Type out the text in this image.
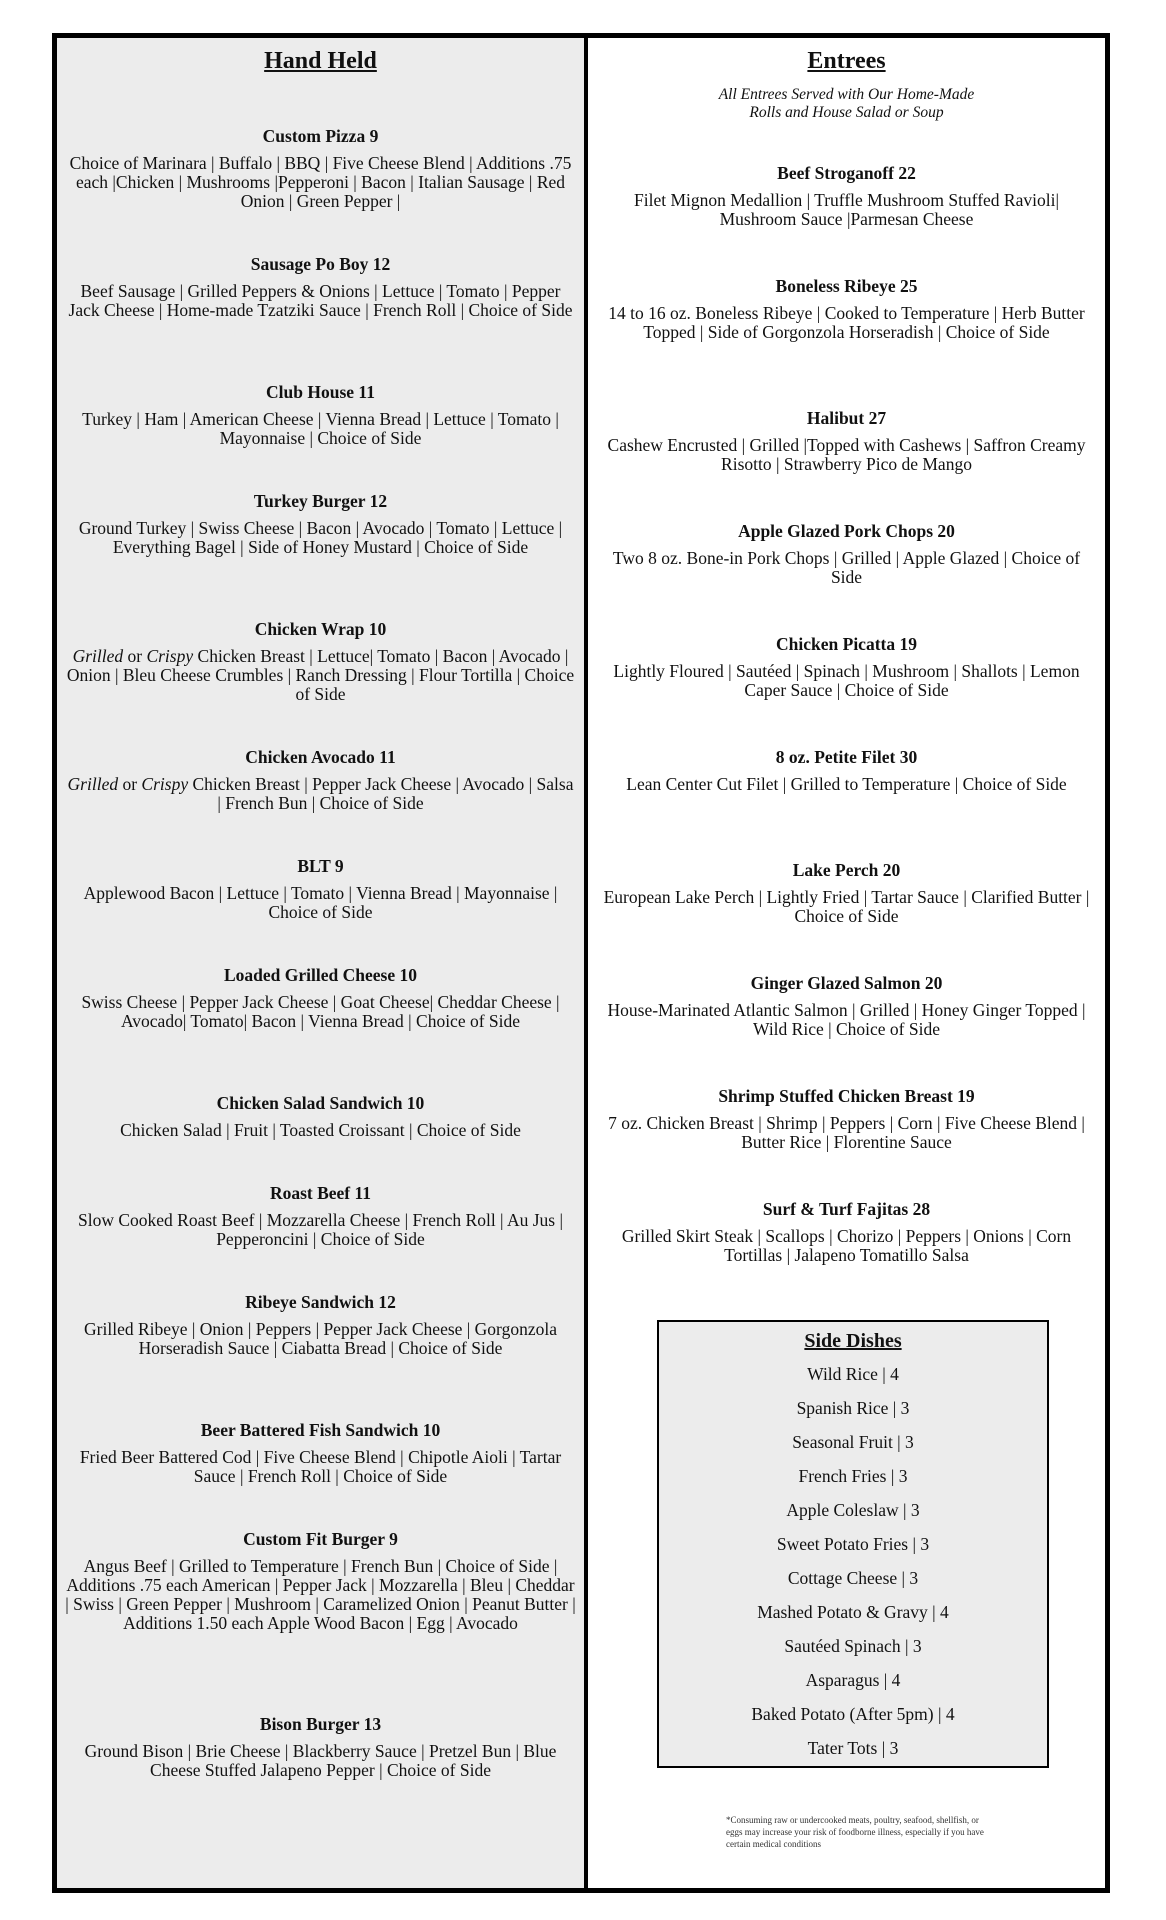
Hand Held
Custom Pizza 9
Choice of Marinara | Buffalo | BBQ | Five Cheese Blend | Additions .75 each |Chicken | Mushrooms |Pepperoni | Bacon | Italian Sausage | Red Onion | Green Pepper |
Sausage Po Boy 12
Beef Sausage | Grilled Peppers & Onions | Lettuce | Tomato | Pepper Jack Cheese | Home-made Tzatziki Sauce | French Roll | Choice of Side
Club House 11
Turkey | Ham | American Cheese | Vienna Bread | Lettuce | Tomato | Mayonnaise | Choice of Side
Turkey Burger 12
Ground Turkey | Swiss Cheese | Bacon | Avocado | Tomato | Lettuce | Everything Bagel | Side of Honey Mustard | Choice of Side
Chicken Wrap 10
Grilled or Crispy Chicken Breast | Lettuce| Tomato | Bacon | Avocado | Onion | Bleu Cheese Crumbles | Ranch Dressing | Flour Tortilla | Choice of Side
Chicken Avocado 11
Grilled or Crispy Chicken Breast | Pepper Jack Cheese | Avocado | Salsa | French Bun | Choice of Side
BLT 9
Applewood Bacon | Lettuce | Tomato | Vienna Bread | Mayonnaise | Choice of Side
Loaded Grilled Cheese 10
Swiss Cheese | Pepper Jack Cheese | Goat Cheese| Cheddar Cheese | Avocado| Tomato| Bacon | Vienna Bread | Choice of Side
Chicken Salad Sandwich 10
Chicken Salad | Fruit | Toasted Croissant | Choice of Side
Roast Beef 11
Slow Cooked Roast Beef | Mozzarella Cheese | French Roll | Au Jus | Pepperoncini | Choice of Side
Ribeye Sandwich 12
Grilled Ribeye | Onion | Peppers | Pepper Jack Cheese | Gorgonzola Horseradish Sauce | Ciabatta Bread | Choice of Side
Beer Battered Fish Sandwich 10
Fried Beer Battered Cod | Five Cheese Blend | Chipotle Aioli | Tartar Sauce | French Roll | Choice of Side
Custom Fit Burger 9
Angus Beef | Grilled to Temperature | French Bun | Choice of Side | Additions .75 each American | Pepper Jack | Mozzarella | Bleu | Cheddar | Swiss | Green Pepper | Mushroom | Caramelized Onion | Peanut Butter | Additions 1.50 each Apple Wood Bacon | Egg | Avocado
Bison Burger 13
Ground Bison | Brie Cheese | Blackberry Sauce | Pretzel Bun | Blue Cheese Stuffed Jalapeno Pepper | Choice of Side
Entrees
All Entrees Served with Our Home-Made
Rolls and House Salad or Soup
Beef Stroganoff 22
Filet Mignon Medallion | Truffle Mushroom Stuffed Ravioli| Mushroom Sauce |Parmesan Cheese
Boneless Ribeye 25
14 to 16 oz. Boneless Ribeye | Cooked to Temperature | Herb Butter Topped | Side of Gorgonzola Horseradish | Choice of Side
Halibut 27
Cashew Encrusted | Grilled |Topped with Cashews | Saffron Creamy Risotto | Strawberry Pico de Mango
Apple Glazed Pork Chops 20
Two 8 oz. Bone-in Pork Chops | Grilled | Apple Glazed | Choice of Side
Chicken Picatta 19
Lightly Floured | Sautéed | Spinach | Mushroom | Shallots | Lemon Caper Sauce | Choice of Side
8 oz. Petite Filet 30
Lean Center Cut Filet | Grilled to Temperature | Choice of Side
Lake Perch 20
European Lake Perch | Lightly Fried | Tartar Sauce | Clarified Butter | Choice of Side
Ginger Glazed Salmon 20
House-Marinated Atlantic Salmon | Grilled | Honey Ginger Topped | Wild Rice | Choice of Side
Shrimp Stuffed Chicken Breast 19
7 oz. Chicken Breast | Shrimp | Peppers | Corn | Five Cheese Blend | Butter Rice | Florentine Sauce
Surf & Turf Fajitas 28
Grilled Skirt Steak | Scallops | Chorizo | Peppers | Onions | Corn Tortillas | Jalapeno Tomatillo Salsa
Side Dishes
Wild Rice | 4
Spanish Rice | 3
Seasonal Fruit | 3
French Fries | 3
Apple Coleslaw | 3
Sweet Potato Fries | 3
Cottage Cheese | 3
Mashed Potato & Gravy | 4
Sautéed Spinach | 3
Asparagus | 4
Baked Potato (After 5pm) | 4
Tater Tots | 3
*Consuming raw or undercooked meats, poultry, seafood, shellfish, or eggs may increase your risk of foodborne illness, especially if you have certain medical conditions
